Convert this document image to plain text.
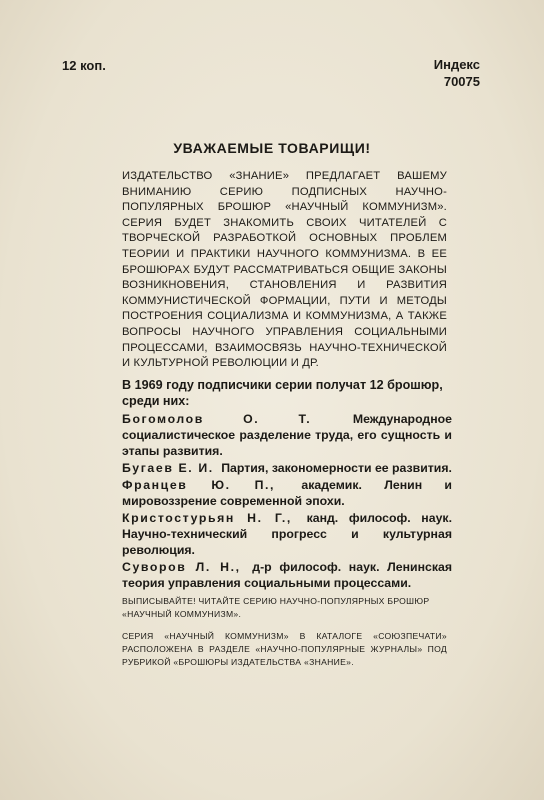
12 коп.	Индекс
70075
УВАЖАЕМЫЕ ТОВАРИЩИ!
ИЗДАТЕЛЬСТВО «ЗНАНИЕ» ПРЕДЛАГАЕТ ВАШЕМУ ВНИМАНИЮ СЕРИЮ ПОДПИСНЫХ НАУЧНО-ПОПУЛЯРНЫХ БРОШЮР «НАУЧНЫЙ КОММУНИЗМ». СЕРИЯ БУДЕТ ЗНАКОМИТЬ СВОИХ ЧИТАТЕЛЕЙ С ТВОРЧЕСКОЙ РАЗРАБОТКОЙ ОСНОВНЫХ ПРОБЛЕМ ТЕОРИИ И ПРАКТИКИ НАУЧНОГО КОММУНИЗМА. В ЕЕ БРОШЮРАХ БУДУТ РАССМАТРИВАТЬСЯ ОБЩИЕ ЗАКОНЫ ВОЗНИКНОВЕНИЯ, СТАНОВЛЕНИЯ И РАЗВИТИЯ КОММУНИСТИЧЕСКОЙ ФОРМАЦИИ, ПУТИ И МЕТОДЫ ПОСТРОЕНИЯ СОЦИАЛИЗМА И КОММУНИЗМА, А ТАКЖЕ ВОПРОСЫ НАУЧНОГО УПРАВЛЕНИЯ СОЦИАЛЬНЫМИ ПРОЦЕССАМИ, ВЗАИМОСВЯЗЬ НАУЧНО-ТЕХНИЧЕСКОЙ И КУЛЬТУРНОЙ РЕВОЛЮЦИИ И ДР.
В 1969 году подписчики серии получат 12 брошюр, среди них:
Богомолов О. Т.	Международное социалистическое разделение труда, его сущность и этапы развития.
Бугаев Е. И. Партия, закономерности ее развития.
Францев Ю. П., академик. Ленин и мировоззрение современной эпохи.
Кристостурьян Н. Г., канд. философ. наук. Научно-технический прогресс и культурная революция.
Суворов Л. Н., д-р философ. наук. Ленинская теория управления социальными процессами.
ВЫПИСЫВАЙТЕ! ЧИТАЙТЕ СЕРИЮ НАУЧНО-ПОПУЛЯРНЫХ БРОШЮР «НАУЧНЫЙ КОММУНИЗМ».
СЕРИЯ «НАУЧНЫЙ КОММУНИЗМ» В КАТАЛОГЕ «СОЮЗПЕЧАТИ» РАСПОЛОЖЕНА В РАЗДЕЛЕ «НАУЧНО-ПОПУЛЯРНЫЕ ЖУРНАЛЫ» ПОД РУБРИКОЙ «БРОШЮРЫ ИЗДАТЕЛЬСТВА «ЗНАНИЕ».
